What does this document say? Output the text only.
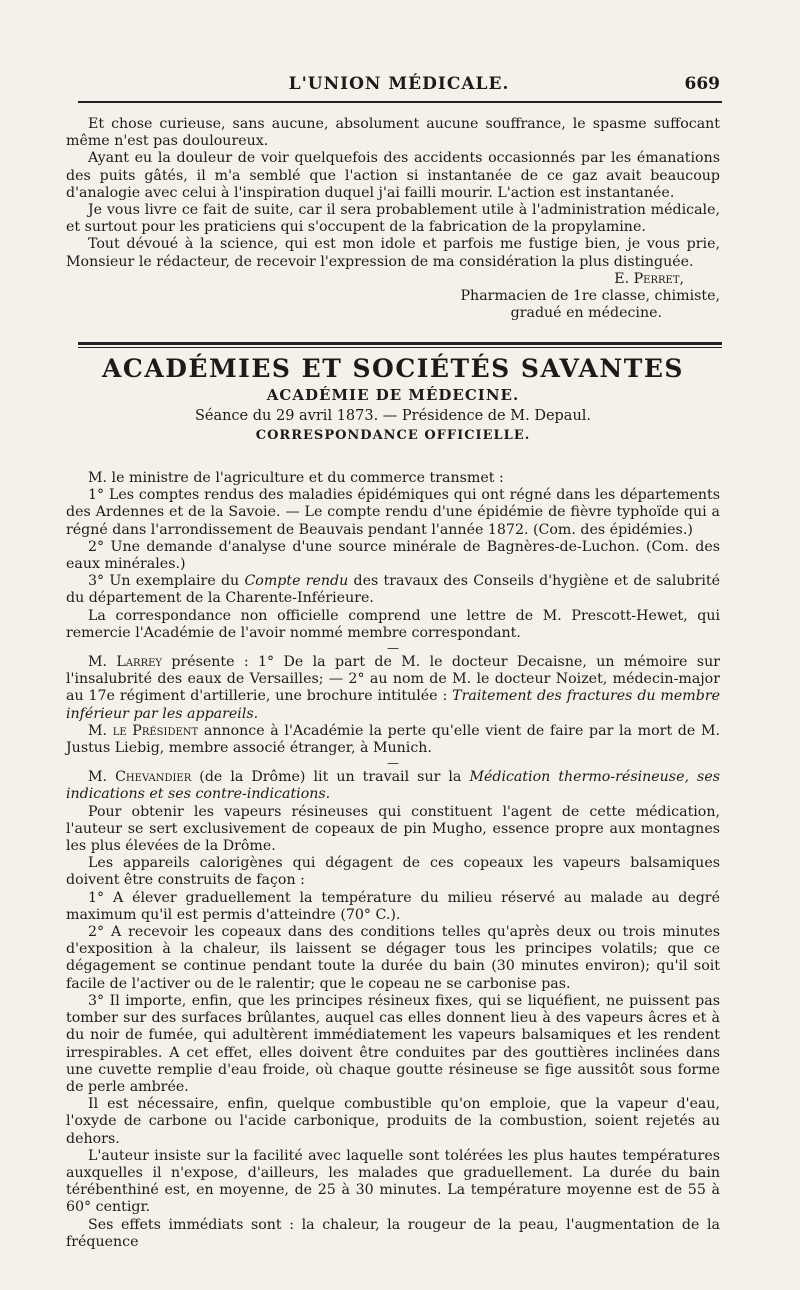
L'UNION MÉDICALE.	669

Et chose curieuse, sans aucune, absolument aucune souffrance, le spasme suffocant même n'est pas douloureux.

Ayant eu la douleur de voir quelquefois des accidents occasionnés par les émanations des puits gâtés, il m'a semblé que l'action si instantanée de ce gaz avait beaucoup d'analogie avec celui à l'inspiration duquel j'ai failli mourir. L'action est instantanée.

Je vous livre ce fait de suite, car il sera probablement utile à l'administration médicale, et surtout pour les praticiens qui s'occupent de la fabrication de la propylamine.

Tout dévoué à la science, qui est mon idole et parfois me fustige bien, je vous prie, Monsieur le rédacteur, de recevoir l'expression de ma considération la plus distinguée.

E. Perret,

Pharmacien de 1re classe, chimiste,

gradué en médecine.

ACADÉMIES ET SOCIÉTÉS SAVANTES
ACADÉMIE DE MÉDECINE.
Séance du 29 avril 1873. — Présidence de M. Depaul.
CORRESPONDANCE OFFICIELLE.

M. le ministre de l'agriculture et du commerce transmet :

1° Les comptes rendus des maladies épidémiques qui ont régné dans les départements des Ardennes et de la Savoie. — Le compte rendu d'une épidémie de fièvre typhoïde qui a régné dans l'arrondissement de Beauvais pendant l'année 1872. (Com. des épidémies.)

2° Une demande d'analyse d'une source minérale de Bagnères-de-Luchon. (Com. des eaux minérales.)

3° Un exemplaire du Compte rendu des travaux des Conseils d'hygiène et de salubrité du département de la Charente-Inférieure.

La correspondance non officielle comprend une lettre de M. Prescott-Hewet, qui remercie l'Académie de l'avoir nommé membre correspondant.

—

M. Larrey présente : 1° De la part de M. le docteur Decaisne, un mémoire sur l'insalubrité des eaux de Versailles; — 2° au nom de M. le docteur Noizet, médecin-major au 17e régiment d'artillerie, une brochure intitulée : Traitement des fractures du membre inférieur par les appareils.

M. le Président annonce à l'Académie la perte qu'elle vient de faire par la mort de M. Justus Liebig, membre associé étranger, à Munich.

—

M. Chevandier (de la Drôme) lit un travail sur la Médication thermo-résineuse, ses indications et ses contre-indications.

Pour obtenir les vapeurs résineuses qui constituent l'agent de cette médication, l'auteur se sert exclusivement de copeaux de pin Mugho, essence propre aux montagnes les plus élevées de la Drôme.

Les appareils calorigènes qui dégagent de ces copeaux les vapeurs balsamiques doivent être construits de façon :

1° A élever graduellement la température du milieu réservé au malade au degré maximum qu'il est permis d'atteindre (70° C.).

2° A recevoir les copeaux dans des conditions telles qu'après deux ou trois minutes d'exposition à la chaleur, ils laissent se dégager tous les principes volatils; que ce dégagement se continue pendant toute la durée du bain (30 minutes environ); qu'il soit facile de l'activer ou de le ralentir; que le copeau ne se carbonise pas.

3° Il importe, enfin, que les principes résineux fixes, qui se liquéfient, ne puissent pas tomber sur des surfaces brûlantes, auquel cas elles donnent lieu à des vapeurs âcres et à du noir de fumée, qui adultèrent immédiatement les vapeurs balsamiques et les rendent irrespirables. A cet effet, elles doivent être conduites par des gouttières inclinées dans une cuvette remplie d'eau froide, où chaque goutte résineuse se fige aussitôt sous forme de perle ambrée.

Il est nécessaire, enfin, quelque combustible qu'on emploie, que la vapeur d'eau, l'oxyde de carbone ou l'acide carbonique, produits de la combustion, soient rejetés au dehors.

L'auteur insiste sur la facilité avec laquelle sont tolérées les plus hautes températures auxquelles il n'expose, d'ailleurs, les malades que graduellement. La durée du bain térébenthiné est, en moyenne, de 25 à 30 minutes. La température moyenne est de 55 à 60° centigr.

Ses effets immédiats sont : la chaleur, la rougeur de la peau, l'augmentation de la fréquence
